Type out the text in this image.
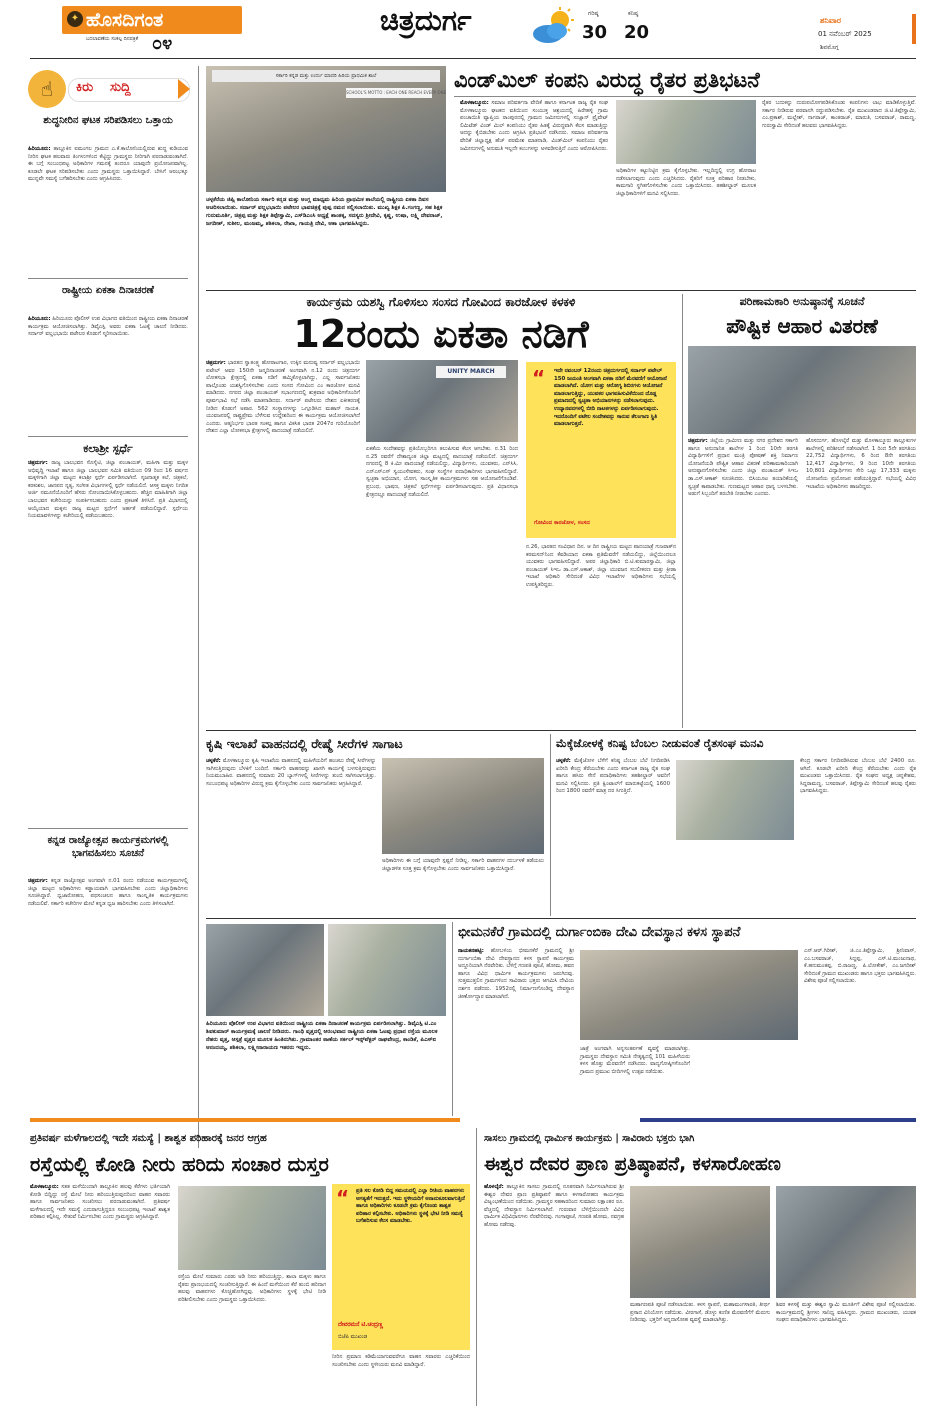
✦ ಹೊಸದಿಗಂತ
ಬದಲಾವಣೆಯ ಸಂಕಲ್ಪ ದಿನಪತ್ರಿಕೆ ೦೪
ಚಿತ್ರದುರ್ಗ	ಗರಿಷ್ಠ
30
ಕನಿಷ್ಠ
20
ಶನಿವಾರ
01 ನವೆಂಬರ್ 2025
ಶಿವಮೊಗ್ಗ
☝	ಕಿರು ಸುದ್ದಿ
ಶುದ್ಧನೀರಿನ ಘಟಕ ಸರಿಪಡಿಸಲು ಒತ್ತಾಯ
ಹಿರಿಯೂರು: ತಾಲ್ಲೂಕಿನ ಐಮಂಗಲ ಗ್ರಾಮದ ಎ.ಕೆ.ಕಾಲೋನಿಯಲ್ಲಿರುವ ಶುದ್ಧ ಕುಡಿಯುವ ನೀರಿನ ಘಟಕ ಹಲವಾರು ತಿಂಗಳುಗಳಿಂದ ಕೆಟ್ಟಿದ್ದು ಗ್ರಾಮಸ್ಥರು ನೀರಿಗಾಗಿ ಪರದಾಡುವಂತಾಗಿದೆ. ಈ ಬಗ್ಗೆ ಸಂಬಂಧಪಟ್ಟ ಅಧಿಕಾರಿಗಳ ಗಮನಕ್ಕೆ ತಂದರೂ ಯಾವುದೇ ಪ್ರಯೋಜನವಾಗಿಲ್ಲ. ಕೂಡಲೇ ಘಟಕ ಸರಿಪಡಿಸಬೇಕು ಎಂದು ಗ್ರಾಮಸ್ಥರು ಒತ್ತಾಯಿಸಿದ್ದಾರೆ. ಬೇಸಿಗೆ ಆರಂಭಕ್ಕೂ ಮುನ್ನವೇ ಸಮಸ್ಯೆ ಬಗೆಹರಿಸಬೇಕು ಎಂದು ಆಗ್ರಹಿಸಿದರು.
ರಾಷ್ಟ್ರೀಯ ಏಕತಾ ದಿನಾಚರಣೆ
ಹಿರಿಯೂರು: ಹಿರಿಯೂರು ಪೊಲೀಸ್ ಉಪ ವಿಭಾಗದ ವತಿಯಿಂದ ರಾಷ್ಟ್ರೀಯ ಏಕತಾ ದಿನಾಚರಣೆ ಕಾರ್ಯಕ್ರಮ ಆಯೋಜಿಸಲಾಗಿತ್ತು. ಡಿವೈಎಸ್ಪಿ ಅವರು ಏಕತಾ ಓಟಕ್ಕೆ ಚಾಲನೆ ನೀಡಿದರು. ಸರ್ದಾರ್ ವಲ್ಲಭಭಾಯಿ ಪಟೇಲರ ಕೊಡುಗೆ ಸ್ಮರಿಸಲಾಯಿತು.
ಕಲಾಶ್ರೀ ಸ್ಪರ್ಧೆ
ಚಿತ್ರದುರ್ಗ: ರಾಜ್ಯ ಬಾಲಭವನ ಸೊಸೈಟಿ, ಜಿಲ್ಲಾ ಪಂಚಾಯತ್, ಮಹಿಳಾ ಮತ್ತು ಮಕ್ಕಳ ಅಭಿವೃದ್ಧಿ ಇಲಾಖೆ ಹಾಗೂ ಜಿಲ್ಲಾ ಬಾಲಭವನ ಸಮಿತಿ ವತಿಯಿಂದ 09 ರಿಂದ 16 ವರ್ಷದ ಮಕ್ಕಳಿಗಾಗಿ ಜಿಲ್ಲಾ ಮಟ್ಟದ ಕಲಾಶ್ರೀ ಸ್ಪರ್ಧೆ ಏರ್ಪಡಿಸಲಾಗಿದೆ. ಸೃಜನಾತ್ಮಕ ಕಲೆ, ಚಿತ್ರಕಲೆ, ಕರಕುಶಲ, ಜಾನಪದ ನೃತ್ಯ, ಸಂಗೀತ ವಿಭಾಗಗಳಲ್ಲಿ ಸ್ಪರ್ಧೆ ನಡೆಯಲಿದೆ. ಆಸಕ್ತ ಮಕ್ಕಳು ನಿಗದಿತ ಅರ್ಜಿ ನಮೂನೆಯೊಂದಿಗೆ ಹೆಸರು ನೋಂದಾಯಿಸಿಕೊಳ್ಳಬಹುದು. ಹೆಚ್ಚಿನ ಮಾಹಿತಿಗಾಗಿ ಜಿಲ್ಲಾ ಬಾಲಭವನ ಕಚೇರಿಯನ್ನು ಸಂಪರ್ಕಿಸಬಹುದು ಎಂದು ಪ್ರಕಟಣೆ ತಿಳಿಸಿದೆ. ಪ್ರತಿ ವಿಭಾಗದಲ್ಲಿ ಆಯ್ಕೆಯಾದ ಮಕ್ಕಳು ರಾಜ್ಯ ಮಟ್ಟದ ಸ್ಪರ್ಧೆಗೆ ಅರ್ಹತೆ ಪಡೆಯಲಿದ್ದಾರೆ. ಸ್ಪರ್ಧೆಯ ನಿಯಮಾವಳಿಗಳನ್ನು ಕಚೇರಿಯಲ್ಲಿ ಪಡೆಯಬಹುದು.
ಕನ್ನಡ ರಾಜ್ಯೋತ್ಸವ ಕಾರ್ಯಕ್ರಮಗಳಲ್ಲಿ ಭಾಗವಹಿಸಲು ಸೂಚನೆ
ಚಿತ್ರದುರ್ಗ: ಕನ್ನಡ ರಾಜ್ಯೋತ್ಸವ ಅಂಗವಾಗಿ ನ.01 ರಂದು ನಡೆಯುವ ಕಾರ್ಯಕ್ರಮಗಳಲ್ಲಿ ಜಿಲ್ಲಾ ಮಟ್ಟದ ಅಧಿಕಾರಿಗಳು ಕಡ್ಡಾಯವಾಗಿ ಭಾಗವಹಿಸಬೇಕು ಎಂದು ಜಿಲ್ಲಾಧಿಕಾರಿಗಳು ಸೂಚಿಸಿದ್ದಾರೆ. ಧ್ವಜಾರೋಹಣ, ಪಥಸಂಚಲನ ಹಾಗೂ ಸಾಂಸ್ಕೃತಿಕ ಕಾರ್ಯಕ್ರಮಗಳು ನಡೆಯಲಿವೆ. ಸರ್ಕಾರಿ ಕಚೇರಿಗಳ ಮೇಲೆ ಕನ್ನಡ ಧ್ವಜ ಹಾರಿಸಬೇಕು ಎಂದು ತಿಳಿಸಲಾಗಿದೆ.
ಸರ್ಕಾರಿ ಕನ್ನಡ ಮತ್ತು ಉರ್ದು ಮಾದರಿ ಹಿರಿಯ ಪ್ರಾಥಮಿಕ ಶಾಲೆ
SCHOOL'S MOTTO : EACH ONE REACH EVERY ONE
ಚಳ್ಳಕೆರೆಯ ಜಿಪ್ಸಿ ಕಾಲೋನಿಯ ಸರ್ಕಾರಿ ಕನ್ನಡ ಮತ್ತು ಆಂಗ್ಲ ಮಾಧ್ಯಮ ಹಿರಿಯ ಪ್ರಾಥಮಿಕ ಶಾಲೆಯಲ್ಲಿ ರಾಷ್ಟ್ರೀಯ ಏಕತಾ ದಿವಸ ಆಚರಿಸಲಾಯಿತು. ಸರ್ದಾರ್ ವಲ್ಲಭಭಾಯಿ ಪಟೇಲರ ಭಾವಚಿತ್ರಕ್ಕೆ ಪುಷ್ಪ ನಮನ ಸಲ್ಲಿಸಲಾಯಿತು. ಮುಖ್ಯ ಶಿಕ್ಷಕ ಪಿ.ಗಂಗಣ್ಣ, ಸಹ ಶಿಕ್ಷಕ ಗುರುಮೂರ್ತಿ, ಚಿತ್ರಪ್ಪ ಮತ್ತು ಶಿಕ್ಷಕ ತಿಪ್ಪೇಸ್ವಾಮಿ, ಎಸ್‌ಡಿಎಂಸಿ ಅಧ್ಯಕ್ಷೆ ಶಾಂತಕ್ಕ, ಸದಸ್ಯರು ಶ್ರೀದೇವಿ, ಕೃಷ್ಣ, ಉಷಾ, ಲಕ್ಷ್ಮಿ ದೇವರಾಜ್, ಜಗದೀಶ್, ಸುಶೀಲ, ಮಂಜಮ್ಮ, ಶಶಿಕಲಾ, ರೇಖಾ, ಗಾಯತ್ರಿ ದೇವಿ, ಆಶಾ ಭಾಗವಹಿಸಿದ್ದರು.
ವಿಂಡ್‌ಮಿಲ್ ಕಂಪನಿ ವಿರುದ್ಧ ರೈತರ ಪ್ರತಿಭಟನೆ
ಮೊಳಕಾಲ್ಮೂರು: ಸಮಾಜ ಪರಿವರ್ತನಾ ವೇದಿಕೆ ಹಾಗೂ ಕರ್ನಾಟಕ ರಾಜ್ಯ ರೈತ ಸಂಘ ಮೊಳಕಾಲ್ಮೂರು ಘಟಕದ ವತಿಯಿಂದ ಸಂಯುಕ್ತ ಆಶ್ರಯದಲ್ಲಿ ಹಿರೇಹಳ್ಳಿ ಗ್ರಾಮ ಪಂಚಾಯಿತಿ ವ್ಯಾಪ್ತಿಯ ರಾಂಪುರದಲ್ಲಿ ಗ್ರಾಮದ ಜಮೀನುಗಳಲ್ಲಿ ಸುಜ್ಲಾನ್ ಪ್ರೈವೇಟ್ ಲಿಮಿಟೆಡ್ ವಿಂಡ್ ಮಿಲ್ ಕಂಪನಿಯು ರೈತರ ಹಿತಕ್ಕೆ ವಿರುದ್ಧವಾಗಿ ಕೆಲಸ ಮಾಡುತ್ತಿದ್ದು ಅದನ್ನು ಕೈಬಿಡಬೇಕು ಎಂದು ಆಗ್ರಹಿಸಿ ಪ್ರತಿಭಟನೆ ನಡೆಸಿದರು. ಸಮಾಜ ಪರಿವರ್ತನಾ ವೇದಿಕೆ ಜಿಲ್ಲಾಧ್ಯಕ್ಷ ಹೆಚ್ ಪರಮೇಶ ಮಾತನಾಡಿ, ವಿಂಡ್‌ಮಿಲ್ ಕಂಪನಿಯು ರೈತರ ಜಮೀನುಗಳಲ್ಲಿ ಅನುಮತಿ ಇಲ್ಲದೇ ಕಂಬಗಳನ್ನು ಅಳವಡಿಸುತ್ತಿದೆ ಎಂದು ಆರೋಪಿಸಿದರು.
ಅಧಿಕಾರಿಗಳ ಕಟ್ಟುನಿಟ್ಟಿನ ಕ್ರಮ ಕೈಗೊಳ್ಳಬೇಕು. ಇಲ್ಲದಿದ್ದಲ್ಲಿ ಉಗ್ರ ಹೋರಾಟ ನಡೆಸಲಾಗುವುದು ಎಂದು ಎಚ್ಚರಿಸಿದರು. ರೈತರಿಗೆ ಸೂಕ್ತ ಪರಿಹಾರ ನೀಡಬೇಕು, ಕಾಮಗಾರಿ ಸ್ಥಗಿತಗೊಳಿಸಬೇಕು ಎಂದು ಒತ್ತಾಯಿಸಿದರು. ತಹಶೀಲ್ದಾರ್ ಮೂಲಕ ಜಿಲ್ಲಾಧಿಕಾರಿಗಳಿಗೆ ಮನವಿ ಸಲ್ಲಿಸಿದರು.
ರೈತರ ಬದುಕನ್ನು ದುರುಪಯೋಗಪಡಿಸಿಕೊಂಡು ಕಂಪನಿಗಳು ಲಾಭ ಮಾಡಿಕೊಳ್ಳುತ್ತಿವೆ. ಸರ್ಕಾರ ನೀಡಿರುವ ಪರವಾನಗಿ ರದ್ದುಪಡಿಸಬೇಕು. ರೈತ ಮುಖಂಡರಾದ ಜಿ.ಟಿ.ತಿಪ್ಪೇಸ್ವಾಮಿ, ಎಂ.ಪ್ರಕಾಶ್, ಮಲ್ಲೇಶ್, ನಾಗರಾಜ್, ಕಾಂತರಾಜ್, ಮಾರುತಿ, ಬಸವರಾಜ್, ರಾಮಣ್ಣ, ಗುರುಸ್ವಾಮಿ ಸೇರಿದಂತೆ ಹಲವರು ಭಾಗವಹಿಸಿದ್ದರು.
ಕಾರ್ಯಕ್ರಮ ಯಶಸ್ವಿ ಗೊಳಿಸಲು ಸಂಸದ ಗೋವಿಂದ ಕಾರಜೋಳ ಕಳಕಳಿ
12ರಂದು ಏಕತಾ ನಡಿಗೆ
ಚಿತ್ರದುರ್ಗ: ಭಾರತದ ಸ್ವಾತಂತ್ರ್ಯ ಹೋರಾಟಗಾರ, ಉಕ್ಕಿನ ಮನುಷ್ಯ ಸರ್ದಾರ್ ವಲ್ಲಭಭಾಯಿ ಪಟೇಲ್ ಅವರ 150ನೇ ಜನ್ಮದಿನಾಚರಣೆ ಅಂಗವಾಗಿ ನ.12 ರಂದು ಚಿತ್ರದುರ್ಗ ಲೋಕಸಭಾ ಕ್ಷೇತ್ರದಲ್ಲಿ ಏಕತಾ ನಡಿಗೆ ಹಮ್ಮಿಕೊಳ್ಳಲಾಗಿದ್ದು, ಎಲ್ಲ ಸಾರ್ವಜನಿಕರು ಪಾಲ್ಗೊಂಡು ಯಶಸ್ವಿಗೊಳಿಸಬೇಕು ಎಂದು ಸಂಸದ ಗೋವಿಂದ ಎಂ ಕಾರಜೋಳ ಮನವಿ ಮಾಡಿದರು. ನಗರದ ಜಿಲ್ಲಾ ಪಂಚಾಯತ್ ಸಭಾಂಗಣದಲ್ಲಿ ಶುಕ್ರವಾರ ಅಧಿಕಾರಿಗಳೊಂದಿಗೆ ಪೂರ್ವಭಾವಿ ಸಭೆ ನಡೆಸಿ ಮಾತನಾಡಿದರು. ಸರ್ದಾರ್ ಪಟೇಲರು ದೇಶದ ಏಕೀಕರಣಕ್ಕೆ ನೀಡಿದ ಕೊಡುಗೆ ಅಪಾರ. 562 ಸಂಸ್ಥಾನಗಳನ್ನು ಒಗ್ಗೂಡಿಸಿದ ಮಹಾನ್ ನಾಯಕ. ಯುವಜನರಲ್ಲಿ ರಾಷ್ಟ್ರಪ್ರೇಮ ಬೆಳೆಸುವ ಉದ್ದೇಶದಿಂದ ಈ ಕಾರ್ಯಕ್ರಮ ಆಯೋಜಿಸಲಾಗಿದೆ ಎಂದರು. ಆತ್ಮನಿರ್ಭರ ಭಾರತ ಸಂಕಲ್ಪ ಹಾಗೂ ವಿಕಸಿತ ಭಾರತ 2047ರ ಗುರಿಯೊಂದಿಗೆ ದೇಶದ ಎಲ್ಲಾ ಲೋಕಸಭಾ ಕ್ಷೇತ್ರಗಳಲ್ಲಿ ಪಾದಯಾತ್ರೆ ನಡೆಯಲಿದೆ.
UNITY MARCH
ಏಕತೆಯ ಸಂದೇಶವನ್ನು ಪ್ರತಿಯೊಬ್ಬರಿಗೂ ತಲುಪಿಸುವ ಕೆಲಸ ಆಗಬೇಕು. ನ.31 ರಿಂದ ನ.25 ರವರೆಗೆ ದೇಶಾದ್ಯಂತ ಜಿಲ್ಲಾ ಮಟ್ಟದಲ್ಲಿ ಪಾದಯಾತ್ರೆ ನಡೆಯಲಿದೆ. ಚಿತ್ರದುರ್ಗ ನಗರದಲ್ಲಿ 8 ಕಿ.ಮೀ ಪಾದಯಾತ್ರೆ ನಡೆಯಲಿದ್ದು, ವಿದ್ಯಾರ್ಥಿಗಳು, ಯುವಕರು, ಎನ್‌ಸಿಸಿ, ಎನ್‌ಎಸ್‌ಎಸ್ ಸ್ವಯಂಸೇವಕರು, ಸಂಘ ಸಂಸ್ಥೆಗಳ ಪದಾಧಿಕಾರಿಗಳು ಭಾಗವಹಿಸಲಿದ್ದಾರೆ. ಸ್ವಚ್ಛತಾ ಅಭಿಯಾನ, ಯೋಗ, ಸಾಂಸ್ಕೃತಿಕ ಕಾರ್ಯಕ್ರಮಗಳು ಸಹ ಆಯೋಜನೆಗೊಂಡಿವೆ. ಪ್ರಬಂಧ, ಭಾಷಣ, ಚಿತ್ರಕಲೆ ಸ್ಪರ್ಧೆಗಳನ್ನು ಏರ್ಪಡಿಸಲಾಗುವುದು. ಪ್ರತಿ ವಿಧಾನಸಭಾ ಕ್ಷೇತ್ರದಲ್ಲೂ ಪಾದಯಾತ್ರೆ ನಡೆಯಲಿದೆ.
“ ಇದೇ ನವಂಬರ್ 12ರಂದು ಚಿತ್ರದುರ್ಗದಲ್ಲಿ ಸರ್ದಾರ್ ಪಟೇಲ್ 150 ಜಯಂತಿ ಅಂಗವಾಗಿ ಏಕತಾ ನಡಿಗೆ ಮೆರವಣಿಗೆ ಆಯೋಜನೆ ಮಾಡಲಾಗಿದೆ. ಯೋಗ ಮತ್ತು ಆರೋಗ್ಯ ಶಿಬಿರಗಳು ಆಯೋಜನೆ ಮಾಡಲಾಗುತ್ತಿದ್ದು, ಯುವಕರ ಭಾಗವಹಿಸುವಿಕೆಯಿಂದ ದೊಡ್ಡ ಪ್ರಮಾಣದಲ್ಲಿ ಸ್ವಚ್ಛತಾ ಅಭಿಯಾನಗಳನ್ನು ನಡೆಸಲಾಗುವುದು. ಉದ್ಯಾನವನಗಳಲ್ಲಿ ಬೀದಿ ನಾಟಕಗಳನ್ನು ಏರ್ಪಡಿಸಲಾಗುವುದು. ಇದರೊಂದಿಗೆ ಪಟೇಲ ಸಂದೇಶವನ್ನು ಸಾರುವ ತೆಲಂಗಾಣ ಸ್ಥಿತಿ ಮಾಡಲಾಗುತ್ತದೆ.
ಗೋವಿಂದ ಕಾರಜೋಳ, ಸಂಸದ
ನ.26, ಭಾರತದ ಸಂವಿಧಾನ ದಿನ. ಆ ದಿನ ರಾಷ್ಟ್ರೀಯ ಮಟ್ಟದ ಪಾದಯಾತ್ರೆ ಗುಜರಾತ್‌ನ ಕರಮಸದ್‌ನಿಂದ ಕೆವಡಿಯಾದ ಏಕತಾ ಪ್ರತಿಮೆವರೆಗೆ ನಡೆಯಲಿದ್ದು, ಜಿಲ್ಲೆಯಿಂದಲೂ ಯುವಕರು ಭಾಗವಹಿಸಲಿದ್ದಾರೆ. ಅಪರ ಜಿಲ್ಲಾಧಿಕಾರಿ ಬಿ.ಟಿ.ಕುಮಾರಸ್ವಾಮಿ, ಜಿಲ್ಲಾ ಪಂಚಾಯತ್ ಸಿಇಒ ಡಾ.ಎಸ್.ಆಕಾಶ್, ಜಿಲ್ಲಾ ಯುವಜನ ಸಬಲೀಕರಣ ಮತ್ತು ಕ್ರೀಡಾ ಇಲಾಖೆ ಅಧಿಕಾರಿ ಸೇರಿದಂತೆ ವಿವಿಧ ಇಲಾಖೆಗಳ ಅಧಿಕಾರಿಗಳು ಸಭೆಯಲ್ಲಿ ಉಪಸ್ಥಿತರಿದ್ದರು.
ಪರಿಣಾಮಕಾರಿ ಅನುಷ್ಠಾನಕ್ಕೆ ಸೂಚನೆ
ಪೌಷ್ಟಿಕ ಆಹಾರ ವಿತರಣೆ
ಚಿತ್ರದುರ್ಗ: ಜಿಲ್ಲೆಯ ಗ್ರಾಮೀಣ ಮತ್ತು ನಗರ ಪ್ರದೇಶದ ಸರ್ಕಾರಿ ಹಾಗೂ ಅನುದಾನಿತ ಶಾಲೆಗಳ 1 ರಿಂದ 10ನೇ ತರಗತಿ ವಿದ್ಯಾರ್ಥಿಗಳಿಗೆ ಪ್ರಧಾನ ಮಂತ್ರಿ ಪೋಷಣ್ ಶಕ್ತಿ ನಿರ್ಮಾಣ ಯೋಜನೆಯಡಿ ಪೌಷ್ಟಿಕ ಆಹಾರ ವಿತರಣೆ ಪರಿಣಾಮಕಾರಿಯಾಗಿ ಅನುಷ್ಠಾನಗೊಳಿಸಬೇಕು ಎಂದು ಜಿಲ್ಲಾ ಪಂಚಾಯತ್ ಸಿಇಒ ಡಾ.ಎಸ್.ಆಕಾಶ್ ಸೂಚಿಸಿದರು. ಬಿಸಿಯೂಟ ತಯಾರಿಕೆಯಲ್ಲಿ ಸ್ವಚ್ಛತೆ ಕಾಪಾಡಬೇಕು. ಗುಣಮಟ್ಟದ ಆಹಾರ ಧಾನ್ಯ ಬಳಸಬೇಕು. ಅಡುಗೆ ಸಿಬ್ಬಂದಿಗೆ ತರಬೇತಿ ನೀಡಬೇಕು ಎಂದರು.
ಹೊಸದುರ್ಗ, ಹೊಳಲ್ಕೆರೆ ಮತ್ತು ಮೊಳಕಾಲ್ಮೂರು ತಾಲ್ಲೂಕುಗಳ ಶಾಲೆಗಳಲ್ಲಿ ಪರಿಶೀಲನೆ ನಡೆಸಲಾಗಿದೆ. 1 ರಿಂದ 5ನೇ ತರಗತಿಯ 22,752 ವಿದ್ಯಾರ್ಥಿಗಳು, 6 ರಿಂದ 8ನೇ ತರಗತಿಯ 12,417 ವಿದ್ಯಾರ್ಥಿಗಳು, 9 ರಿಂದ 10ನೇ ತರಗತಿಯ 10,801 ವಿದ್ಯಾರ್ಥಿಗಳು ಸೇರಿ ಒಟ್ಟು 17,333 ಮಕ್ಕಳು ಯೋಜನೆಯ ಪ್ರಯೋಜನ ಪಡೆಯುತ್ತಿದ್ದಾರೆ. ಸಭೆಯಲ್ಲಿ ವಿವಿಧ ಇಲಾಖೆಯ ಅಧಿಕಾರಿಗಳು ಹಾಜರಿದ್ದರು.
ಕೃಷಿ ಇಲಾಖೆ ವಾಹನದಲ್ಲಿ ರೇಷ್ಮೆ ಸೀರೆಗಳ ಸಾಗಾಟ
ಚಳ್ಳಕೆರೆ: ಮೊಳಕಾಲ್ಮೂರು ಕೃಷಿ ಇಲಾಖೆಯ ವಾಹನದಲ್ಲಿ ಮಹಿಳೆಯರಿಗೆ ಹಂಚಲು ರೇಷ್ಮೆ ಸೀರೆಗಳನ್ನು ಸಾಗಿಸುತ್ತಿರುವುದು ಬೆಳಕಿಗೆ ಬಂದಿದೆ. ಸರ್ಕಾರಿ ವಾಹನವನ್ನು ಖಾಸಗಿ ಕಾರ್ಯಕ್ಕೆ ಬಳಸುತ್ತಿರುವುದು ನಿಯಮಬಾಹಿರ. ವಾಹನದಲ್ಲಿ ಸುಮಾರು 20 ಬ್ಯಾಗ್‌ಗಳಲ್ಲಿ ಸೀರೆಗಳನ್ನು ತುಂಬಿ ಸಾಗಿಸಲಾಗುತ್ತಿತ್ತು. ಸಂಬಂಧಪಟ್ಟ ಅಧಿಕಾರಿಗಳ ವಿರುದ್ಧ ಕ್ರಮ ಕೈಗೊಳ್ಳಬೇಕು ಎಂದು ಸಾರ್ವಜನಿಕರು ಆಗ್ರಹಿಸಿದ್ದಾರೆ.
ಅಧಿಕಾರಿಗಳು ಈ ಬಗ್ಗೆ ಯಾವುದೇ ಸ್ಪಷ್ಟನೆ ನೀಡಿಲ್ಲ. ಸರ್ಕಾರಿ ವಾಹನಗಳ ದುರ್ಬಳಕೆ ತಡೆಯಲು ಜಿಲ್ಲಾಡಳಿತ ಸೂಕ್ತ ಕ್ರಮ ಕೈಗೊಳ್ಳಬೇಕು ಎಂದು ಸಾರ್ವಜನಿಕರು ಒತ್ತಾಯಿಸಿದ್ದಾರೆ.
ಮೆಕ್ಕೆಜೋಳಕ್ಕೆ ಕನಿಷ್ಟ ಬೆಂಬಲ ನೀಡುವಂತೆ ರೈತಸಂಘ ಮನವಿ
ಚಳ್ಳಕೆರೆ: ಮೆಕ್ಕೆಜೋಳ ಬೆಳೆಗೆ ಕನಿಷ್ಠ ಬೆಂಬಲ ಬೆಲೆ ನಿಗದಿಪಡಿಸಿ ಖರೀದಿ ಕೇಂದ್ರ ತೆರೆಯಬೇಕು ಎಂದು ಕರ್ನಾಟಕ ರಾಜ್ಯ ರೈತ ಸಂಘ ಹಾಗೂ ಹಸಿರು ಸೇನೆ ಪದಾಧಿಕಾರಿಗಳು ತಹಶೀಲ್ದಾರ್ ಅವರಿಗೆ ಮನವಿ ಸಲ್ಲಿಸಿದರು. ಪ್ರತಿ ಕ್ವಿಂಟಾಲ್‌ಗೆ ಮಾರುಕಟ್ಟೆಯಲ್ಲಿ 1600 ರಿಂದ 1800 ರವರೆಗೆ ಮಾತ್ರ ದರ ಸಿಗುತ್ತಿದೆ.
ಕೇಂದ್ರ ಸರ್ಕಾರ ನಿಗದಿಪಡಿಸಿರುವ ಬೆಂಬಲ ಬೆಲೆ 2400 ರೂ. ಆಗಿದೆ. ಕೂಡಲೇ ಖರೀದಿ ಕೇಂದ್ರ ತೆರೆಯಬೇಕು ಎಂದು ರೈತ ಮುಖಂಡರು ಒತ್ತಾಯಿಸಿದರು. ರೈತ ಸಂಘದ ಅಧ್ಯಕ್ಷ ಚನ್ನಕೇಶವ, ಸಿದ್ದರಾಮಣ್ಣ, ಬಸವರಾಜ್, ತಿಪ್ಪೇಸ್ವಾಮಿ ಸೇರಿದಂತೆ ಹಲವು ರೈತರು ಭಾಗವಹಿಸಿದ್ದರು.
ಹಿರಿಯೂರು ಪೊಲೀಸ್ ಉಪ ವಿಭಾಗದ ವತಿಯಿಂದ ರಾಷ್ಟ್ರೀಯ ಏಕತಾ ದಿನಾಚರಣೆ ಕಾರ್ಯಕ್ರಮ ಏರ್ಪಡಿಸಲಾಗಿತ್ತು. ಡಿವೈಎಸ್ಪಿ ಟಿ.ಎಂ ಶಿವಕುಮಾರ್ ಕಾರ್ಯಕ್ರಮಕ್ಕೆ ಚಾಲನೆ ನೀಡಿದರು. ಗಾಂಧಿ ವೃತ್ತದಲ್ಲಿ ಆರಂಭವಾದ ರಾಷ್ಟ್ರೀಯ ಏಕತಾ ಓಟವು ಪ್ರಧಾನ ರಸ್ತೆಯ ಮೂಲಕ ನೆಹರು ವೃತ್ತ, ಆಸ್ಪತ್ರೆ ವೃತ್ತದ ಮೂಲಕ ಹಿಂತಿರುಗಿತು. ಗ್ರಾಮಾಂತರ ಠಾಣೆಯ ಸರ್ಕಲ್ ಇನ್ಸ್‌ಪೆಕ್ಟರ್ ರಾಘವೇಂದ್ರ, ಕಾಂಡಿಕೆ, ಪಿಎಸ್‌ಐ ಆನಂದಯ್ಯ, ಶಶಿಕಲಾ, ಲಕ್ಷ್ಮೀನಾರಾಯಣ ಇತರರು ಇದ್ದರು.
ಭೀಮನಕೆರೆ ಗ್ರಾಮದಲ್ಲಿ ದುರ್ಗಾಂಬಿಕಾ ದೇವಿ ದೇವಸ್ಥಾನ ಕಳಸ ಸ್ಥಾಪನೆ
ನಾಯಕನಹಟ್ಟಿ: ಹೋಬಳಿಯ ಭೀಮನಕೆರೆ ಗ್ರಾಮದಲ್ಲಿ ಶ್ರೀ ದುರ್ಗಾಂಬಿಕಾ ದೇವಿ ದೇವಸ್ಥಾನದ ಕಳಸ ಸ್ಥಾಪನೆ ಕಾರ್ಯಕ್ರಮ ಅದ್ದೂರಿಯಾಗಿ ನೆರವೇರಿತು. ಬೆಳಿಗ್ಗೆ ಗಣಪತಿ ಪೂಜೆ, ಹೋಮ, ಹವನ ಹಾಗೂ ವಿವಿಧ ಧಾರ್ಮಿಕ ಕಾರ್ಯಕ್ರಮಗಳು ಜರುಗಿದವು. ಸುತ್ತಮುತ್ತಲಿನ ಗ್ರಾಮಗಳಿಂದ ಸಾವಿರಾರು ಭಕ್ತರು ಆಗಮಿಸಿ ದೇವಿಯ ದರ್ಶನ ಪಡೆದರು. 1952ರಲ್ಲಿ ನಿರ್ಮಾಣಗೊಂಡಿದ್ದ ದೇವಸ್ಥಾನ ಜೀರ್ಣೋದ್ಧಾರ ಮಾಡಲಾಗಿದೆ.
ಜಾತ್ರೆ ಅಂಗವಾಗಿ ಅನ್ನಸಂತರ್ಪಣೆ ವ್ಯವಸ್ಥೆ ಮಾಡಲಾಗಿತ್ತು. ಗ್ರಾಮಸ್ಥರು ದೇವಸ್ಥಾನ ಸಮಿತಿ ನೇತೃತ್ವದಲ್ಲಿ 101 ಮಹಿಳೆಯರು ಕಳಸ ಹೊತ್ತು ಮೆರವಣಿಗೆ ನಡೆಸಿದರು. ವಾದ್ಯಗೋಷ್ಠಿಗಳೊಂದಿಗೆ ಗ್ರಾಮದ ಪ್ರಮುಖ ಬೀದಿಗಳಲ್ಲಿ ಉತ್ಸವ ನಡೆಯಿತು.
ಎನ್.ಆರ್.ಗಿರೀಶ್, ಜಿ.ಎಂ.ತಿಪ್ಪೇಸ್ವಾಮಿ, ಶ್ರೀನಿವಾಸ್, ಎಂ.ಬಸವರಾಜ್, ಸಿದ್ದಪ್ಪ, ಎಸ್.ಟಿ.ಮಂಜುನಾಥ, ಕೆ.ಹನುಮಂತಪ್ಪ, ಬಿ.ರಾಜಣ್ಣ, ಪಿ.ಲೋಕೇಶ್, ಎಂ.ಜಗದೀಶ್ ಸೇರಿದಂತೆ ಗ್ರಾಮದ ಮುಖಂಡರು ಹಾಗೂ ಭಕ್ತರು ಭಾಗವಹಿಸಿದ್ದರು. ವಿಶೇಷ ಪೂಜೆ ಸಲ್ಲಿಸಲಾಯಿತು.
ಪ್ರತಿವರ್ಷ ಮಳೆಗಾಲದಲ್ಲಿ ಇದೇ ಸಮಸ್ಯೆ | ಶಾಶ್ವತ ಪರಿಹಾರಕ್ಕೆ ಜನರ ಆಗ್ರಹ
ರಸ್ತೆಯಲ್ಲಿ ಕೋಡಿ ನೀರು ಹರಿದು ಸಂಚಾರ ದುಸ್ತರ
ಮೊಳಕಾಲ್ಮೂರು: ಸತತ ಮಳೆಯಿಂದಾಗಿ ತಾಲ್ಲೂಕಿನ ಹಲವು ಕೆರೆಗಳು ಭರ್ತಿಯಾಗಿ ಕೋಡಿ ಬಿದ್ದಿದ್ದು ರಸ್ತೆ ಮೇಲೆ ನೀರು ಹರಿಯುತ್ತಿರುವುದರಿಂದ ವಾಹನ ಸವಾರರು ಹಾಗೂ ಸಾರ್ವಜನಿಕರು ಸಂಚರಿಸಲು ಪರದಾಡುವಂತಾಗಿದೆ. ಪ್ರತಿವರ್ಷ ಮಳೆಗಾಲದಲ್ಲಿ ಇದೇ ಸಮಸ್ಯೆ ಎದುರಾಗುತ್ತಿದ್ದರೂ ಸಂಬಂಧಪಟ್ಟ ಇಲಾಖೆ ಶಾಶ್ವತ ಪರಿಹಾರ ಕಲ್ಪಿಸಿಲ್ಲ. ಸೇತುವೆ ನಿರ್ಮಿಸಬೇಕು ಎಂದು ಗ್ರಾಮಸ್ಥರು ಆಗ್ರಹಿಸಿದ್ದಾರೆ.
ರಸ್ತೆಯ ಮೇಲೆ ಸುಮಾರು ಎರಡು ಅಡಿ ನೀರು ಹರಿಯುತ್ತಿದ್ದು, ಶಾಲಾ ಮಕ್ಕಳು ಹಾಗೂ ರೈತರು ಪ್ರಾಣಭಯದಲ್ಲಿ ಸಂಚರಿಸುತ್ತಿದ್ದಾರೆ. ಈ ಹಿಂದೆ ಮಳೆಯಿಂದ ಕೆರೆ ತುಂಬಿ ಹರಿದಾಗ ಹಲವು ವಾಹನಗಳು ಕೊಚ್ಚಿಹೋಗಿದ್ದವು. ಅಧಿಕಾರಿಗಳು ಸ್ಥಳಕ್ಕೆ ಭೇಟಿ ನೀಡಿ ಪರಿಶೀಲಿಸಬೇಕು ಎಂದು ಗ್ರಾಮಸ್ಥರು ಒತ್ತಾಯಿಸಿದರು.
“ ಪ್ರತಿ ಸಲ ಕೋಡಿ ಬಿದ್ದ ಸಮಯದಲ್ಲಿ ಎಲ್ಲಾ ರೀತಿಯ ವಾಹನಗಳು ಅಗತ್ಯತೆಗೆ ಇರುತ್ತದೆ. ಇದು ಸ್ಥಳೀಯರಿಗೆ ಅನಾನುಕೂಲವಾಗುತ್ತಿದೆ ಹಾಗೂ ಅಧಿಕಾರಿಗಳು ಕೂಡಲೇ ಕ್ರಮ ಕೈಗೊಂಡು ಶಾಶ್ವತ ಪರಿಹಾರ ಕಲ್ಪಿಸಬೇಕು. ಅಧಿಕಾರಿಗಳು ಸ್ಥಳಕ್ಕೆ ಭೇಟಿ ನೀಡಿ ಸಮಸ್ಯೆ ಬಗೆಹರಿಸುವ ಕೆಲಸ ಮಾಡಬೇಕು.
ದೇವರಮನೆ ಟಿ.ಚಂದ್ರಣ್ಣ
ಬಿಜೆಪಿ ಮುಖಂಡ
ನೀರಿನ ಪ್ರಮಾಣ ಕಡಿಮೆಯಾಗುವವರೆಗೂ ವಾಹನ ಸವಾರರು ಎಚ್ಚರಿಕೆಯಿಂದ ಸಂಚರಿಸಬೇಕು ಎಂದು ಸ್ಥಳೀಯರು ಮನವಿ ಮಾಡಿದ್ದಾರೆ.
ಸಾಸಲು ಗ್ರಾಮದಲ್ಲಿ ಧಾರ್ಮಿಕ ಕಾರ್ಯಕ್ರಮ | ಸಾವಿರಾರು ಭಕ್ತರು ಭಾಗಿ
ಈಶ್ವರ ದೇವರ ಪ್ರಾಣ ಪ್ರತಿಷ್ಠಾಪನೆ, ಕಳಸಾರೋಹಣ
ಹೊಳಲ್ಕೆರೆ: ತಾಲ್ಲೂಕಿನ ಸಾಸಲು ಗ್ರಾಮದಲ್ಲಿ ನೂತನವಾಗಿ ನಿರ್ಮಿಸಲಾಗಿರುವ ಶ್ರೀ ಈಶ್ವರ ದೇವರ ಪ್ರಾಣ ಪ್ರತಿಷ್ಠಾಪನೆ ಹಾಗೂ ಕಳಸಾರೋಹಣ ಕಾರ್ಯಕ್ರಮ ವಿಜೃಂಭಣೆಯಿಂದ ನಡೆಯಿತು. ಗ್ರಾಮಸ್ಥರ ಸಹಕಾರದಿಂದ ಸುಮಾರು ಲಕ್ಷಾಂತರ ರೂ. ವೆಚ್ಚದಲ್ಲಿ ದೇವಸ್ಥಾನ ನಿರ್ಮಿಸಲಾಗಿದೆ. ಗುರುವಾರ ಬೆಳಿಗ್ಗೆಯಿಂದಲೇ ವಿವಿಧ ಧಾರ್ಮಿಕ ವಿಧಿವಿಧಾನಗಳು ನೆರವೇರಿದವು. ಗಂಗಾಪೂಜೆ, ಗಣಪತಿ ಹೋಮ, ನವಗ್ರಹ ಹೋಮ ನಡೆದವು.
ಮಹಾಗಣಪತಿ ಪೂಜೆ ನಡೆಸಲಾಯಿತು. ಕಳಸ ಸ್ಥಾಪನೆ, ಮಹಾಮಂಗಳಾರತಿ, ತೀರ್ಥ ಪ್ರಸಾದ ವಿನಿಯೋಗ ನಡೆಯಿತು. ವೀರಗಾಸೆ, ಡೊಳ್ಳು ಕುಣಿತ ಮೆರವಣಿಗೆಗೆ ಮೆರುಗು ನೀಡಿದವು. ಭಕ್ತರಿಗೆ ಅನ್ನದಾಸೋಹ ವ್ಯವಸ್ಥೆ ಮಾಡಲಾಗಿತ್ತು.
ಶಿವರ ಕಳಸಕ್ಕೆ ಮತ್ತು ಈಶ್ವರ ಸ್ವಾಮಿ ಮೂರ್ತಿಗೆ ವಿಶೇಷ ಪೂಜೆ ಸಲ್ಲಿಸಲಾಯಿತು. ಕಾರ್ಯಕ್ರಮದಲ್ಲಿ ಶ್ರೀಗಳು ಸಾನಿಧ್ಯ ವಹಿಸಿದ್ದರು. ಗ್ರಾಮದ ಮುಖಂಡರು, ಯುವಕ ಸಂಘದ ಪದಾಧಿಕಾರಿಗಳು ಭಾಗವಹಿಸಿದ್ದರು.
